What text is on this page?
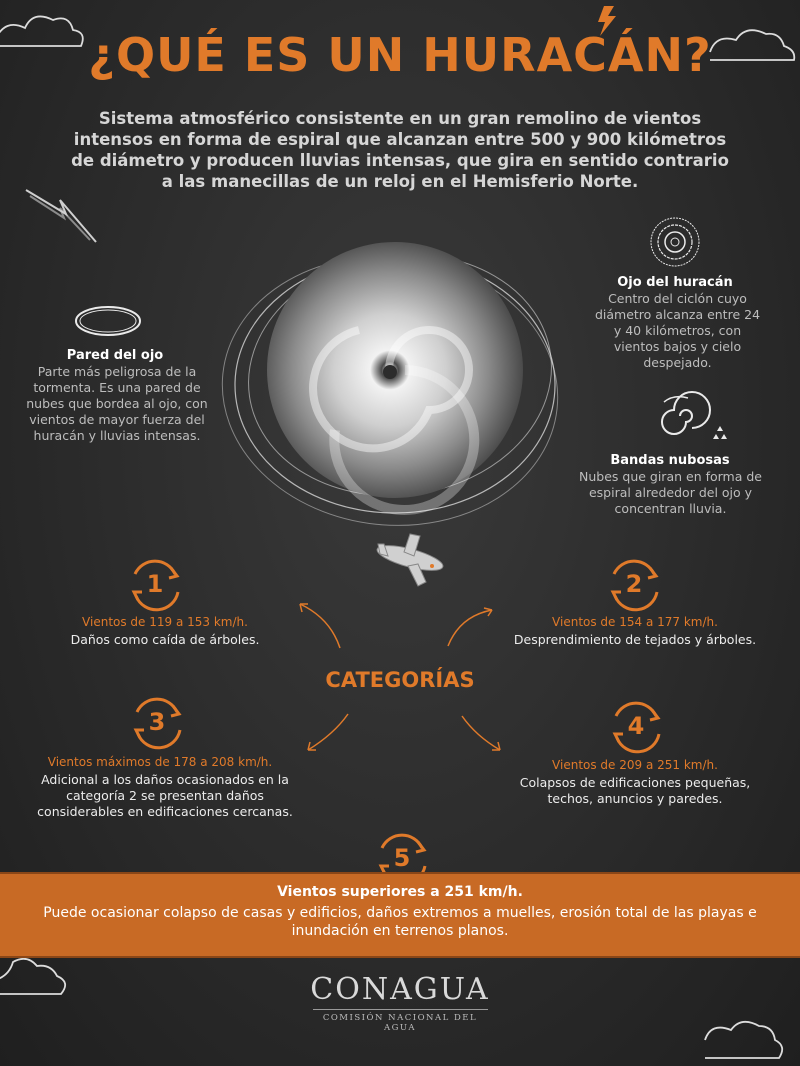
¿QUÉ ES UN HURACÁN?
Sistema atmosférico consistente en un gran remolino de vientos intensos en forma de espiral que alcanzan entre 500 y 900 kilómetros de diámetro y producen lluvias intensas, que gira en sentido contrario a las manecillas de un reloj en el Hemisferio Norte.
Pared del ojo
Parte más peligrosa de la tormenta. Es una pared de nubes que bordea al ojo, con vientos de mayor fuerza del huracán y lluvias intensas.
Ojo del huracán
Centro del ciclón cuyo diámetro alcanza entre 24 y 40 kilómetros, con vientos bajos y cielo despejado.
Bandas nubosas
Nubes que giran en forma de espiral alrededor del ojo y concentran lluvia.
1	2
3	4
5
Vientos de 119 a 153 km/h.
Daños como caída de árboles.
Vientos de 154 a 177 km/h.
Desprendimiento de tejados y árboles.
CATEGORÍAS
Vientos máximos de 178 a 208 km/h.
Adicional a los daños ocasionados en la categoría 2 se presentan daños considerables en edificaciones cercanas.
Vientos de 209 a 251 km/h.
Colapsos de edificaciones pequeñas, techos, anuncios y paredes.
Vientos superiores a 251 km/h.
Puede ocasionar colapso de casas y edificios, daños extremos a muelles, erosión total de las playas e inundación en terrenos planos.
CONAGUA
COMISIÓN NACIONAL DEL AGUA
